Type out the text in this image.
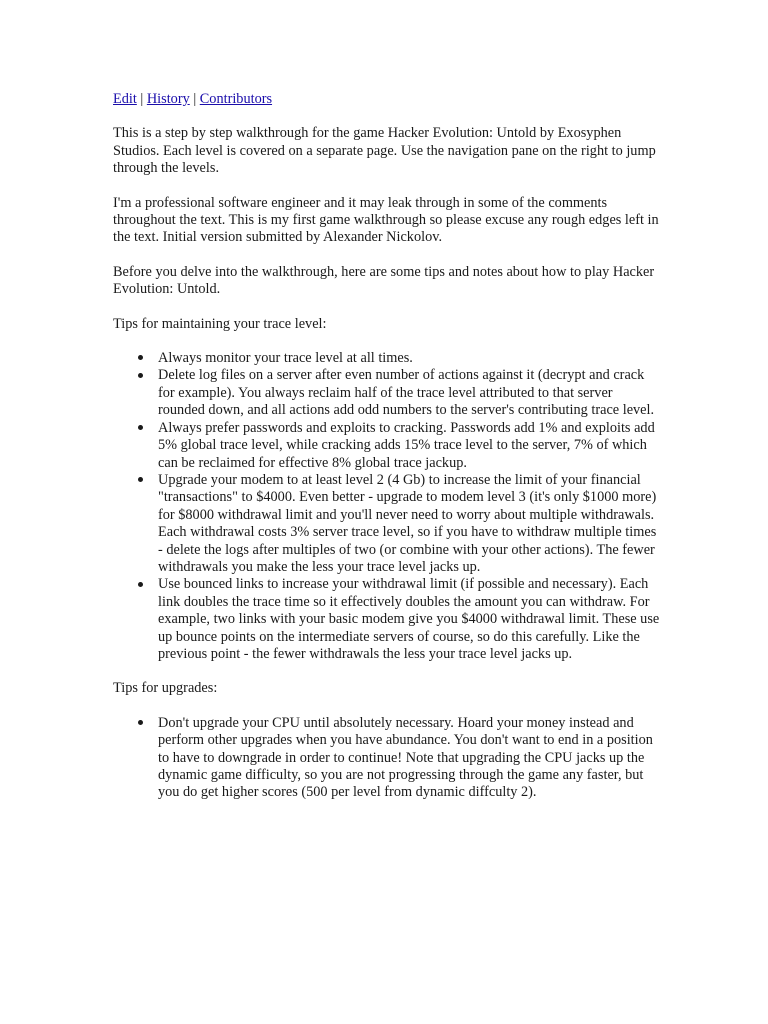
Edit | History | Contributors

This is a step by step walkthrough for the game Hacker Evolution: Untold by Exosyphen Studios. Each level is covered on a separate page. Use the navigation pane on the right to jump through the levels.

I'm a professional software engineer and it may leak through in some of the comments throughout the text. This is my first game walkthrough so please excuse any rough edges left in the text. Initial version submitted by Alexander Nickolov.

Before you delve into the walkthrough, here are some tips and notes about how to play Hacker Evolution: Untold.

Tips for maintaining your trace level:

Always monitor your trace level at all times.
Delete log files on a server after even number of actions against it (decrypt and crack for example). You always reclaim half of the trace level attributed to that server rounded down, and all actions add odd numbers to the server's contributing trace level.
Always prefer passwords and exploits to cracking. Passwords add 1% and exploits add 5% global trace level, while cracking adds 15% trace level to the server, 7% of which can be reclaimed for effective 8% global trace jackup.
Upgrade your modem to at least level 2 (4 Gb) to increase the limit of your financial "transactions" to $4000. Even better - upgrade to modem level 3 (it's only $1000 more) for $8000 withdrawal limit and you'll never need to worry about multiple withdrawals. Each withdrawal costs 3% server trace level, so if you have to withdraw multiple times - delete the logs after multiples of two (or combine with your other actions). The fewer withdrawals you make the less your trace level jacks up.
Use bounced links to increase your withdrawal limit (if possible and necessary). Each link doubles the trace time so it effectively doubles the amount you can withdraw. For example, two links with your basic modem give you $4000 withdrawal limit. These use up bounce points on the intermediate servers of course, so do this carefully. Like the previous point - the fewer withdrawals the less your trace level jacks up.

Tips for upgrades:

Don't upgrade your CPU until absolutely necessary. Hoard your money instead and perform other upgrades when you have abundance. You don't want to end in a position to have to downgrade in order to continue! Note that upgrading the CPU jacks up the dynamic game difficulty, so you are not progressing through the game any faster, but you do get higher scores (500 per level from dynamic diffculty 2).
